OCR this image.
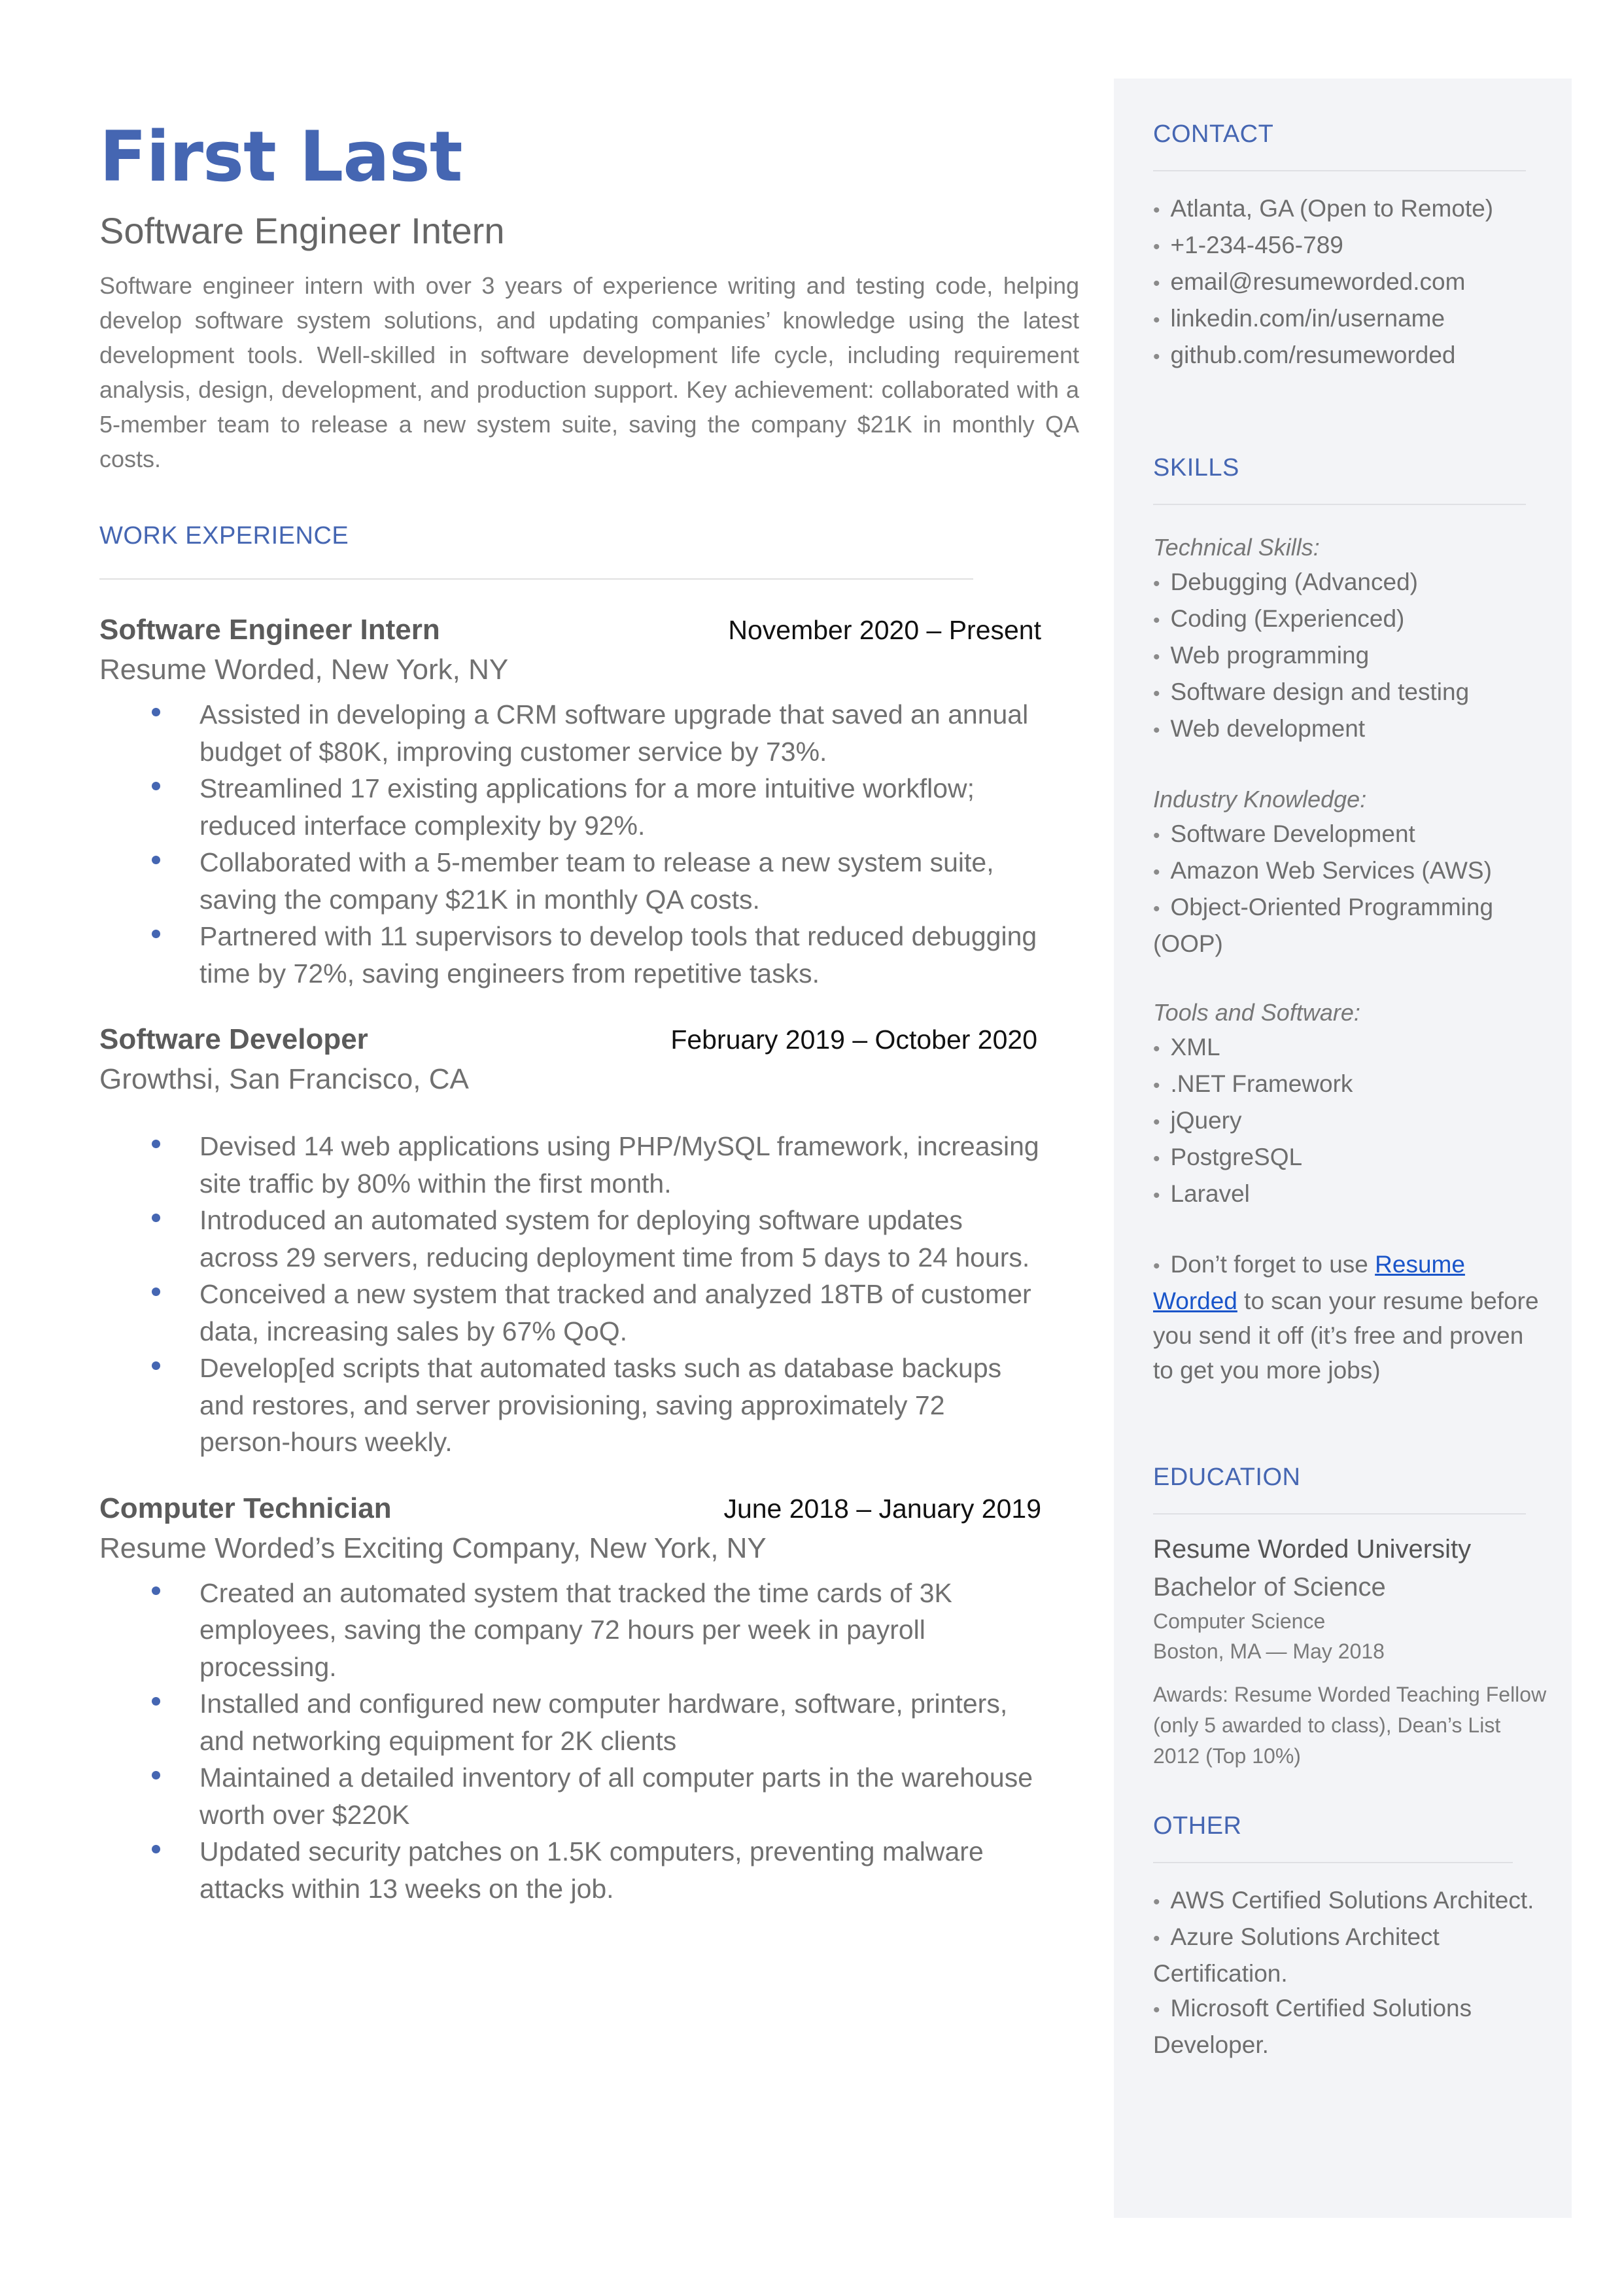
First Last
Software Engineer Intern
Software engineer intern with over 3 years of experience writing and testing code, helping develop software system solutions, and updating companies’ knowledge using the latest development tools. Well-skilled in software development life cycle, including requirement analysis, design, development, and production support. Key achievement: collaborated with a 5-member team to release a new system suite, saving the company $21K in monthly QA costs.
WORK EXPERIENCE
Software Engineer Intern	November 2020 – Present
Resume Worded, New York, NY
Assisted in developing a CRM software upgrade that saved an annual budget of $80K, improving customer service by 73%.
Streamlined 17 existing applications for a more intuitive workflow; reduced interface complexity by 92%.
Collaborated with a 5-member team to release a new system suite, saving the company $21K in monthly QA costs.
Partnered with 11 supervisors to develop tools that reduced debugging time by 72%, saving engineers from repetitive tasks.
Software Developer	February 2019 – October 2020
Growthsi, San Francisco, CA
Devised 14 web applications using PHP/MySQL framework, increasing site traffic by 80% within the first month.
Introduced an automated system for deploying software updates across 29 servers, reducing deployment time from 5 days to 24 hours.
Conceived a new system that tracked and analyzed 18TB of customer data, increasing sales by 67% QoQ.
Develop[ed scripts that automated tasks such as database backups and restores, and server provisioning, saving approximately 72 person-hours weekly.
Computer Technician	June 2018 – January 2019
Resume Worded’s Exciting Company, New York, NY
Created an automated system that tracked the time cards of 3K employees, saving the company 72 hours per week in payroll processing.
Installed and configured new computer hardware, software, printers, and networking equipment for 2K clients
Maintained a detailed inventory of all computer parts in the warehouse worth over $220K
Updated security patches on 1.5K computers, preventing malware attacks within 13 weeks on the job.
CONTACT
• Atlanta, GA (Open to Remote)
• +1-234-456-789
• email@resumeworded.com
• linkedin.com/in/username
• github.com/resumeworded
SKILLS
Technical Skills:
• Debugging (Advanced)
• Coding (Experienced)
• Web programming
• Software design and testing
• Web development
Industry Knowledge:
• Software Development
• Amazon Web Services (AWS)
• Object-Oriented Programming (OOP)
Tools and Software:
• XML
• .NET Framework
• jQuery
• PostgreSQL
• Laravel
• Don’t forget to use Resume Worded to scan your resume before you send it off (it’s free and proven to get you more jobs)
EDUCATION
Resume Worded University
Bachelor of Science
Computer Science
Boston, MA — May 2018
Awards: Resume Worded Teaching Fellow (only 5 awarded to class), Dean’s List 2012 (Top 10%)
OTHER
• AWS Certified Solutions Architect.
• Azure Solutions Architect Certification.
• Microsoft Certified Solutions Developer.
